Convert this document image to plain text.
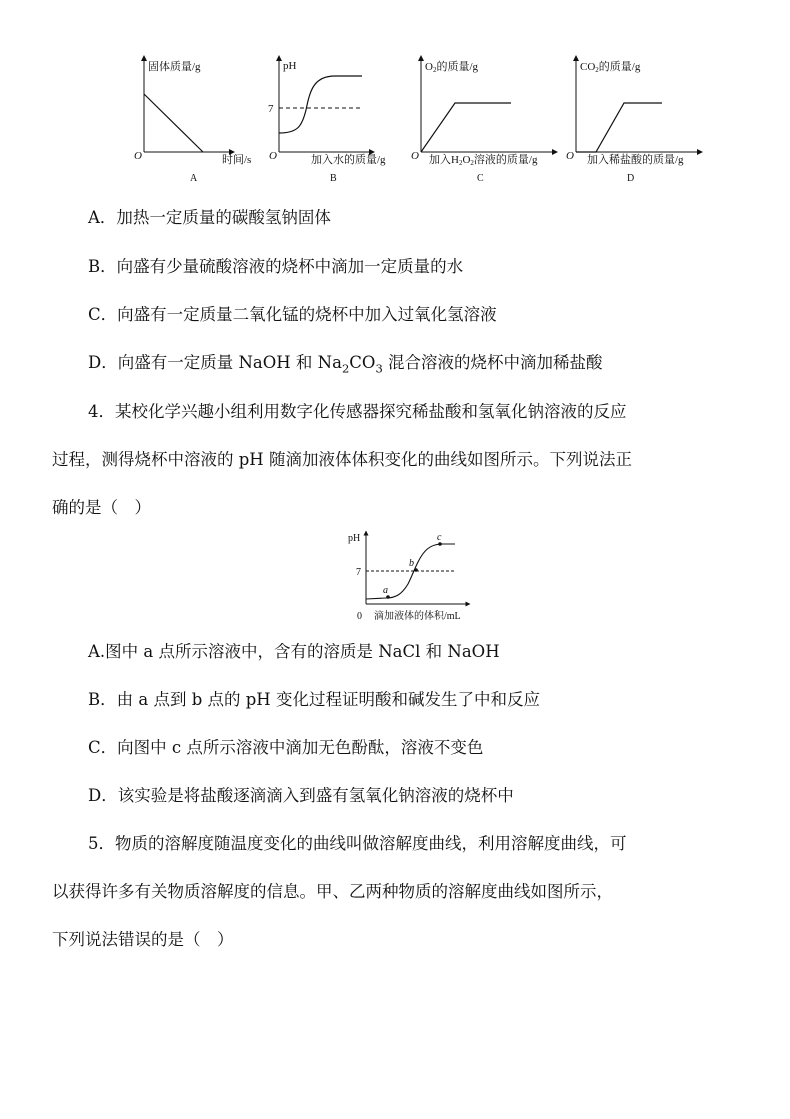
固体质量/g
O	时间/s
A
pH
7
O	加入水的质量/g
B
O2的质量/g
O 加入H2O2溶液的质量/g
C
CO2的质量/g
O 加入稀盐酸的质量/g
D
A．加热一定质量的碳酸氢钠固体
B．向盛有少量硫酸溶液的烧杯中滴加一定质量的水
C．向盛有一定质量二氧化锰的烧杯中加入过氧化氢溶液
D．向盛有一定质量 NaOH 和 $Na_2CO_3$ 混合溶液的烧杯中滴加稀盐酸
4．某校化学兴趣小组利用数字化传感器探究稀盐酸和氢氧化钠溶液的反应
过程，测得烧杯中溶液的 pH 随滴加液体体积变化的曲线如图所示。下列说法正
确的是（　）
pH
7
a
b
c
0 滴加液体的体积/mL
A.图中 a 点所示溶液中，含有的溶质是 NaCl 和 NaOH
B．由 a 点到 b 点的 pH 变化过程证明酸和碱发生了中和反应
C．向图中 c 点所示溶液中滴加无色酚酞，溶液不变色
D．该实验是将盐酸逐滴滴入到盛有氢氧化钠溶液的烧杯中
5．物质的溶解度随温度变化的曲线叫做溶解度曲线，利用溶解度曲线，可
以获得许多有关物质溶解度的信息。甲、乙两种物质的溶解度曲线如图所示，
下列说法错误的是（　）
